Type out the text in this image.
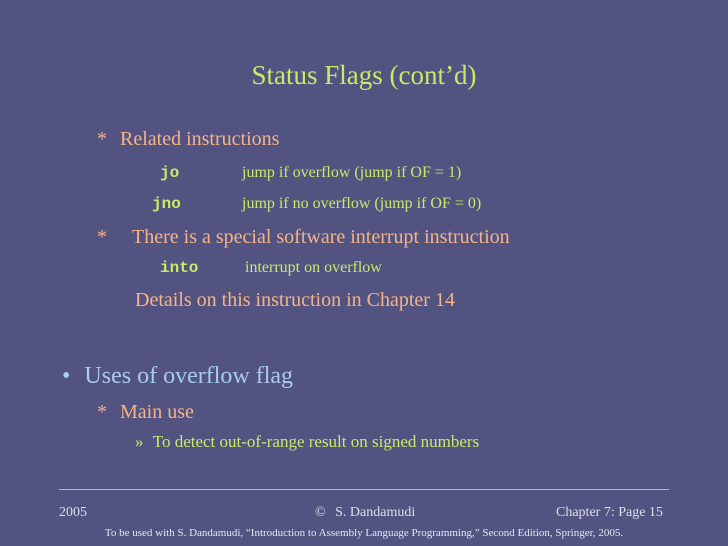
Status Flags (cont’d)
* Related instructions
jo	jump if overflow (jump if OF = 1)
jno	jump if no overflow (jump if OF = 0)
* There is a special software interrupt instruction
into	interrupt on overflow
Details on this instruction in Chapter 14
• Uses of overflow flag
* Main use
» To detect out-of-range result on signed numbers
2005	© S. Dandamudi	Chapter 7: Page 15
To be used with S. Dandamudi, “Introduction to Assembly Language Programming,” Second Edition, Springer, 2005.
